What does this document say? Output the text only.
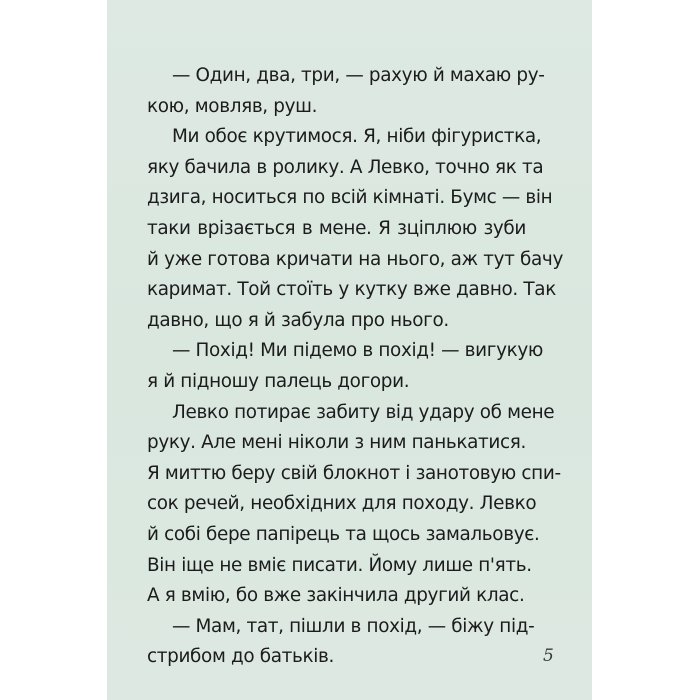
— Один, два, три, — рахую й махаю ру-
кою, мовляв, руш.
Ми обоє крутимося. Я, ніби фігуристка,
яку бачила в ролику. А Левко, точно як та
дзига, носиться по всій кімнаті. Бумс — він
таки врізається в мене. Я зціплюю зуби
й уже готова кричати на нього, аж тут бачу
каримат. Той стоїть у кутку вже давно. Так
давно, що я й забула про нього.
— Похід! Ми підемо в похід! — вигукую
я й підношу палець догори.
Левко потирає забиту від удару об мене
руку. Але мені ніколи з ним панькатися.
Я миттю беру свій блокнот і занотовую спи-
сок речей, необхідних для походу. Левко
й собі бере папірець та щось замальовує.
Він іще не вміє писати. Йому лише п'ять.
А я вмію, бо вже закінчила другий клас.
— Мам, тат, пішли в похід, — біжу під-
стрибом до батьків.	5
